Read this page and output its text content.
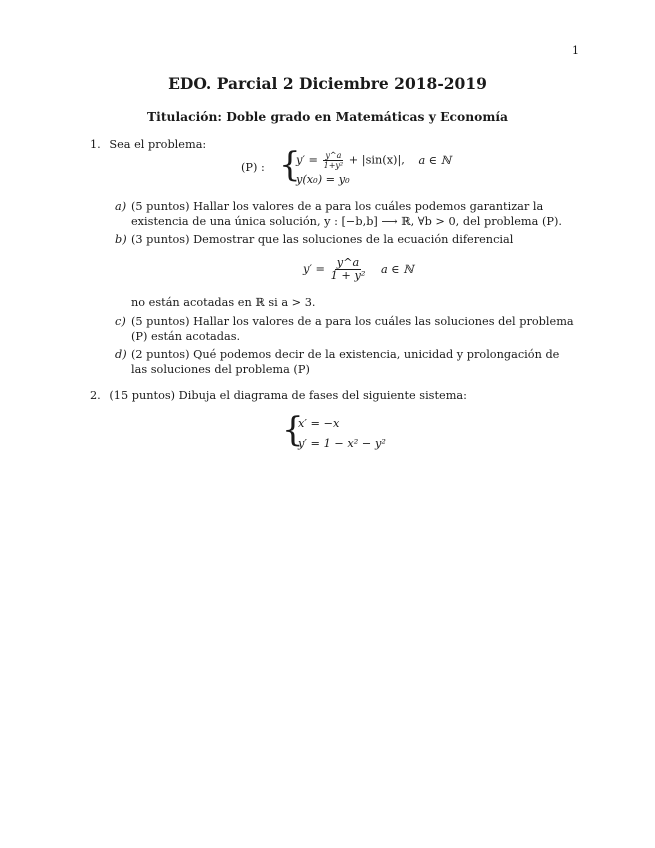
1
EDO. Parcial 2 Diciembre 2018-2019
Titulación: Doble grado en Matemáticas y Economía
1. Sea el problema:
(P) : {
$y' = \frac{y\^{}a}{\text{1+y²}} + |\sin(x)|$, a ∈ ℕ
y(x₀) = y₀
a) (5 puntos) Hallar los valores de a para los cuáles podemos garantizar la existencia de una única solución, y : [−b,b] ⟶ ℝ, ∀b > 0, del problema (P).
b) (3 puntos) Demostrar que las soluciones de la ecuación diferencial
$y' = \frac{y\^{}a}{\text{1 + y²}}$ a ∈ ℕ
no están acotadas en ℝ si a > 3.
c) (5 puntos) Hallar los valores de a para los cuáles las soluciones del problema (P) están acotadas.
d) (2 puntos) Qué podemos decir de la existencia, unicidad y prolongación de las soluciones del problema (P)
2. (15 puntos) Dibuja el diagrama de fases del siguiente sistema:
{
x′ = −x
y′ = 1 − x² − y²
